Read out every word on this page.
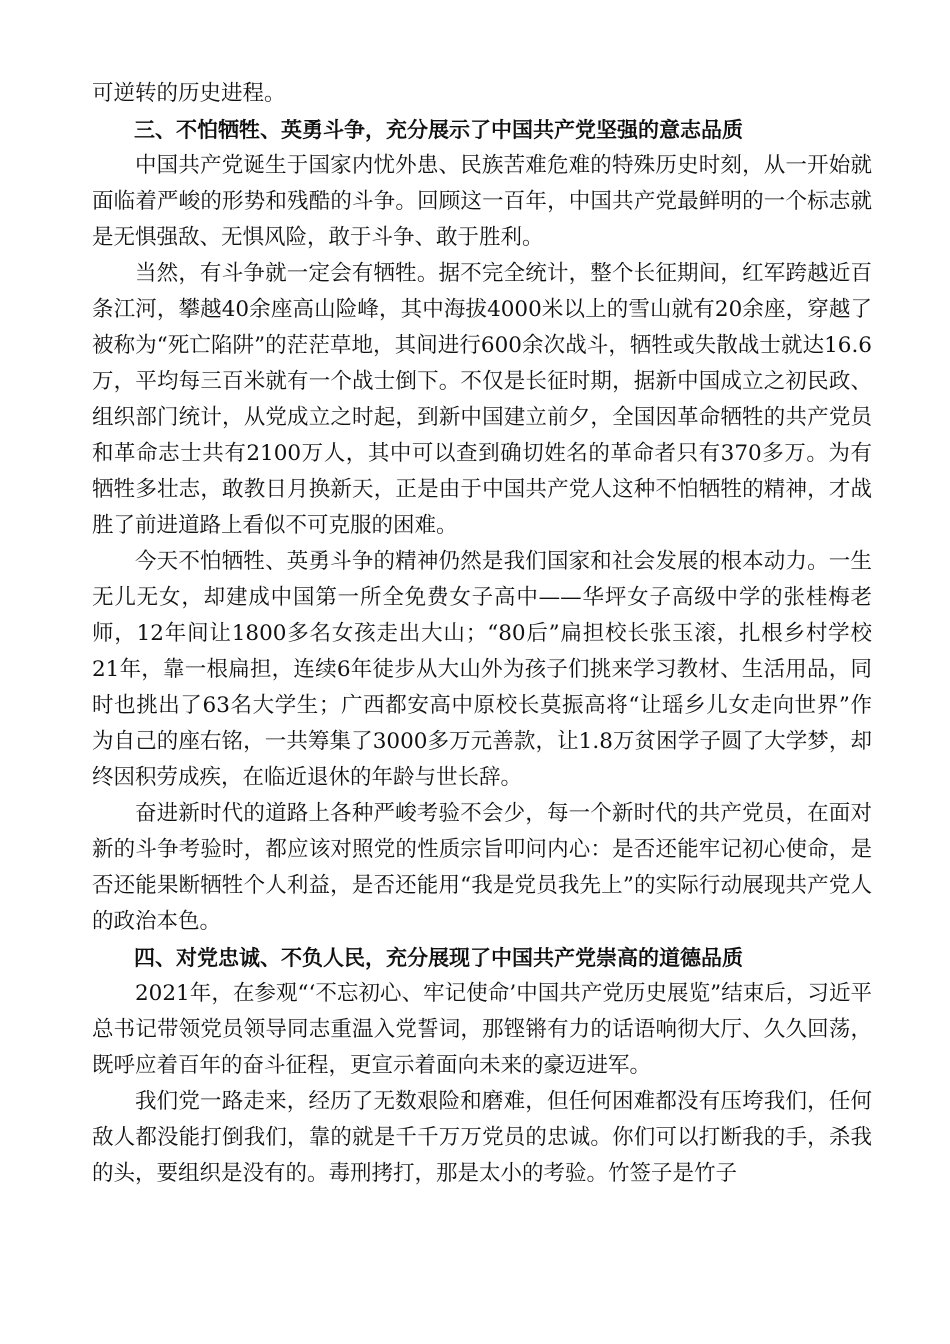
可逆转的历史进程。

三、不怕牺牲、英勇斗争，充分展示了中国共产党坚强的意志品质

中国共产党诞生于国家内忧外患、民族苦难危难的特殊历史时刻，从一开始就面临着严峻的形势和残酷的斗争。回顾这一百年，中国共产党最鲜明的一个标志就是无惧强敌、无惧风险，敢于斗争、敢于胜利。

当然，有斗争就一定会有牺牲。据不完全统计，整个长征期间，红军跨越近百条江河，攀越40余座高山险峰，其中海拔4000米以上的雪山就有20余座，穿越了被称为“死亡陷阱”的茫茫草地，其间进行600余次战斗，牺牲或失散战士就达16.6万，平均每三百米就有一个战士倒下。不仅是长征时期，据新中国成立之初民政、组织部门统计，从党成立之时起，到新中国建立前夕，全国因革命牺牲的共产党员和革命志士共有2100万人，其中可以查到确切姓名的革命者只有370多万。为有牺牲多壮志，敢教日月换新天，正是由于中国共产党人这种不怕牺牲的精神，才战胜了前进道路上看似不可克服的困难。

今天不怕牺牲、英勇斗争的精神仍然是我们国家和社会发展的根本动力。一生无儿无女，却建成中国第一所全免费女子高中——华坪女子高级中学的张桂梅老师，12年间让1800多名女孩走出大山；“80后”扁担校长张玉滚，扎根乡村学校21年，靠一根扁担，连续6年徒步从大山外为孩子们挑来学习教材、生活用品，同时也挑出了63名大学生；广西都安高中原校长莫振高将“让瑶乡儿女走向世界”作为自己的座右铭，一共筹集了3000多万元善款，让1.8万贫困学子圆了大学梦，却终因积劳成疾，在临近退休的年龄与世长辞。

奋进新时代的道路上各种严峻考验不会少，每一个新时代的共产党员，在面对新的斗争考验时，都应该对照党的性质宗旨叩问内心：是否还能牢记初心使命，是否还能果断牺牲个人利益，是否还能用“我是党员我先上”的实际行动展现共产党人的政治本色。

四、对党忠诚、不负人民，充分展现了中国共产党崇高的道德品质

2021年，在参观“‘不忘初心、牢记使命’中国共产党历史展览”结束后，习近平总书记带领党员领导同志重温入党誓词，那铿锵有力的话语响彻大厅、久久回荡，既呼应着百年的奋斗征程，更宣示着面向未来的豪迈进军。

我们党一路走来，经历了无数艰险和磨难，但任何困难都没有压垮我们，任何敌人都没能打倒我们，靠的就是千千万万党员的忠诚。你们可以打断我的手，杀我的头，要组织是没有的。毒刑拷打，那是太小的考验。竹签子是竹子
